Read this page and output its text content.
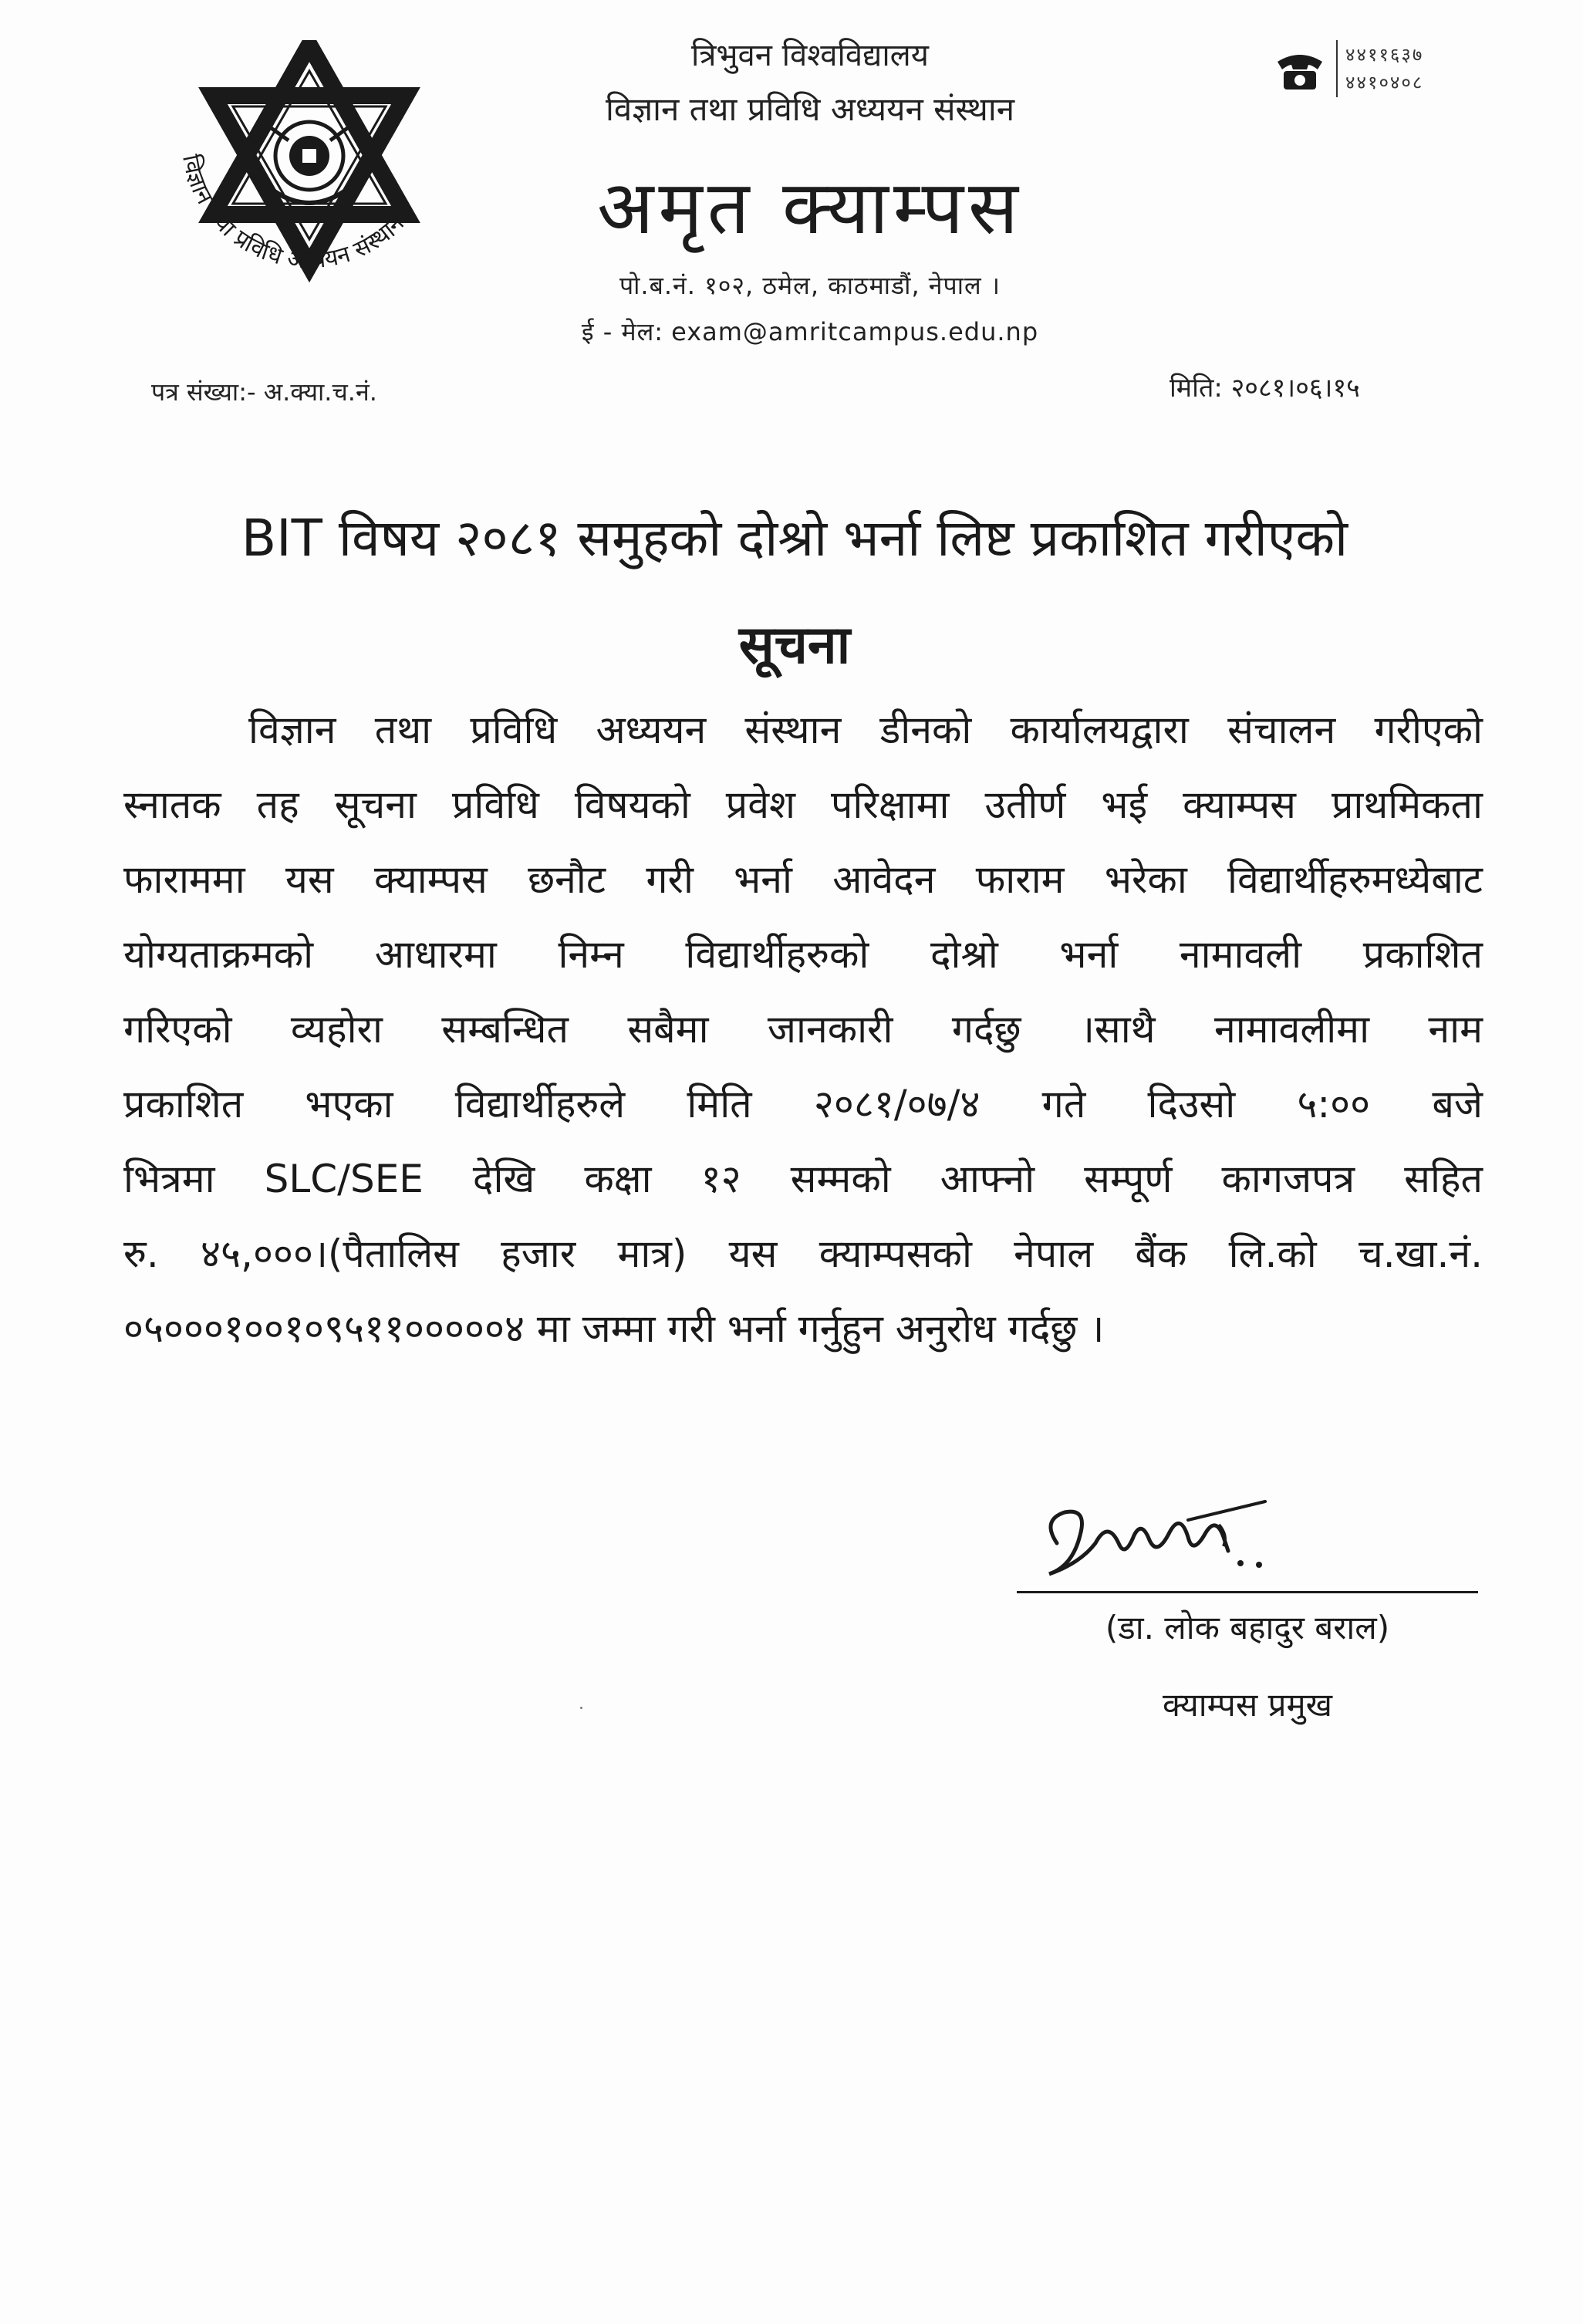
विज्ञान तथा प्रविधि अध्ययन संस्थान
त्रिभुवन विश्वविद्यालय
विज्ञान तथा प्रविधि अध्ययन संस्थान
अमृत क्याम्पस
पो.ब.नं. १०२, ठमेल, काठमाडौं, नेपाल ।
ई - मेल: exam@amritcampus.edu.np
४४११६३७
४४१०४०८
पत्र संख्या:- अ.क्या.च.नं.	मिति: २०८१।०६।१५
BIT विषय २०८१ समुहको दोश्रो भर्ना लिष्ट प्रकाशित गरीएको
सूचना
विज्ञान तथा प्रविधि अध्ययन संस्थान डीनको कार्यालयद्वारा संचालन गरीएको
स्नातक तह सूचना प्रविधि विषयको प्रवेश परिक्षामा उतीर्ण भई क्याम्पस प्राथमिकता
फाराममा यस क्याम्पस छनौट गरी भर्ना आवेदन फाराम भरेका विद्यार्थीहरुमध्येबाट
योग्यताक्रमको आधारमा निम्न विद्यार्थीहरुको दोश्रो भर्ना नामावली प्रकाशित
गरिएको व्यहोरा सम्बन्धित सबैमा जानकारी गर्दछु ।साथै नामावलीमा नाम
प्रकाशित भएका विद्यार्थीहरुले मिति २०८१/०७/४ गते दिउसो ५:०० बजे
भित्रमा SLC/SEE देखि कक्षा १२ सम्मको आफ्नो सम्पूर्ण कागजपत्र सहित
रु. ४५,०००।(पैतालिस हजार मात्र) यस क्याम्पसको नेपाल बैंक लि.को च.खा.नं.
०५०००१००१०९५११०००००४ मा जम्मा गरी भर्ना गर्नुहुन अनुरोध गर्दछु ।
(डा. लोक बहादुर बराल)
क्याम्पस प्रमुख
